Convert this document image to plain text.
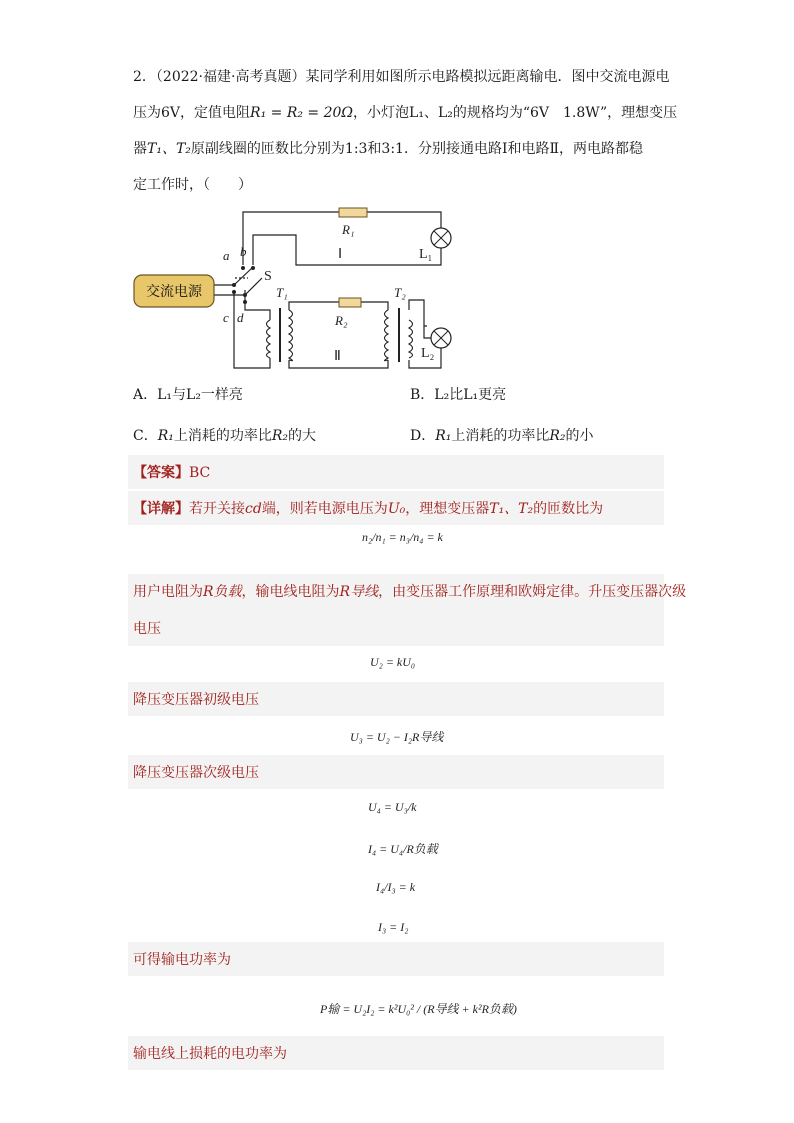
2．（2022·福建·高考真题）某同学利用如图所示电路模拟远距离输电．图中交流电源电
压为6V，定值电阻R₁ = R₂ = 20Ω，小灯泡L₁、L₂的规格均为“6V　1.8W”，理想变压
器T₁、T₂原副线圈的匝数比分别为1:3和3:1．分别接通电路Ⅰ和电路Ⅱ，两电路都稳
定工作时，（　　）
交流电源
R₁
R₂
T₁	T₂
a b
c d
Ⅰ
Ⅱ
L₁
L₂
S
A．L₁与L₂一样亮	B．L₂比L₁更亮
C．R₁上消耗的功率比R₂的大	D．R₁上消耗的功率比R₂的小
【答案】BC
【详解】若开关接cd端，则若电源电压为U₀，理想变压器T₁、T₂的匝数比为
n₂/n₁ = n₃/n₄ = k
用户电阻为R负载，输电线电阻为R导线，由变压器工作原理和欧姆定律。升压变压器次级
电压
U₂ = kU₀
降压变压器初级电压
U₃ = U₂ − I₂R导线
降压变压器次级电压
U₄ = U₃/k
I₄ = U₄/R负载
I₄/I₃ = k
I₃ = I₂
可得输电功率为
P输 = U₂I₂ = k²U₀² / (R导线 + k²R负载)
输电线上损耗的电功率为
